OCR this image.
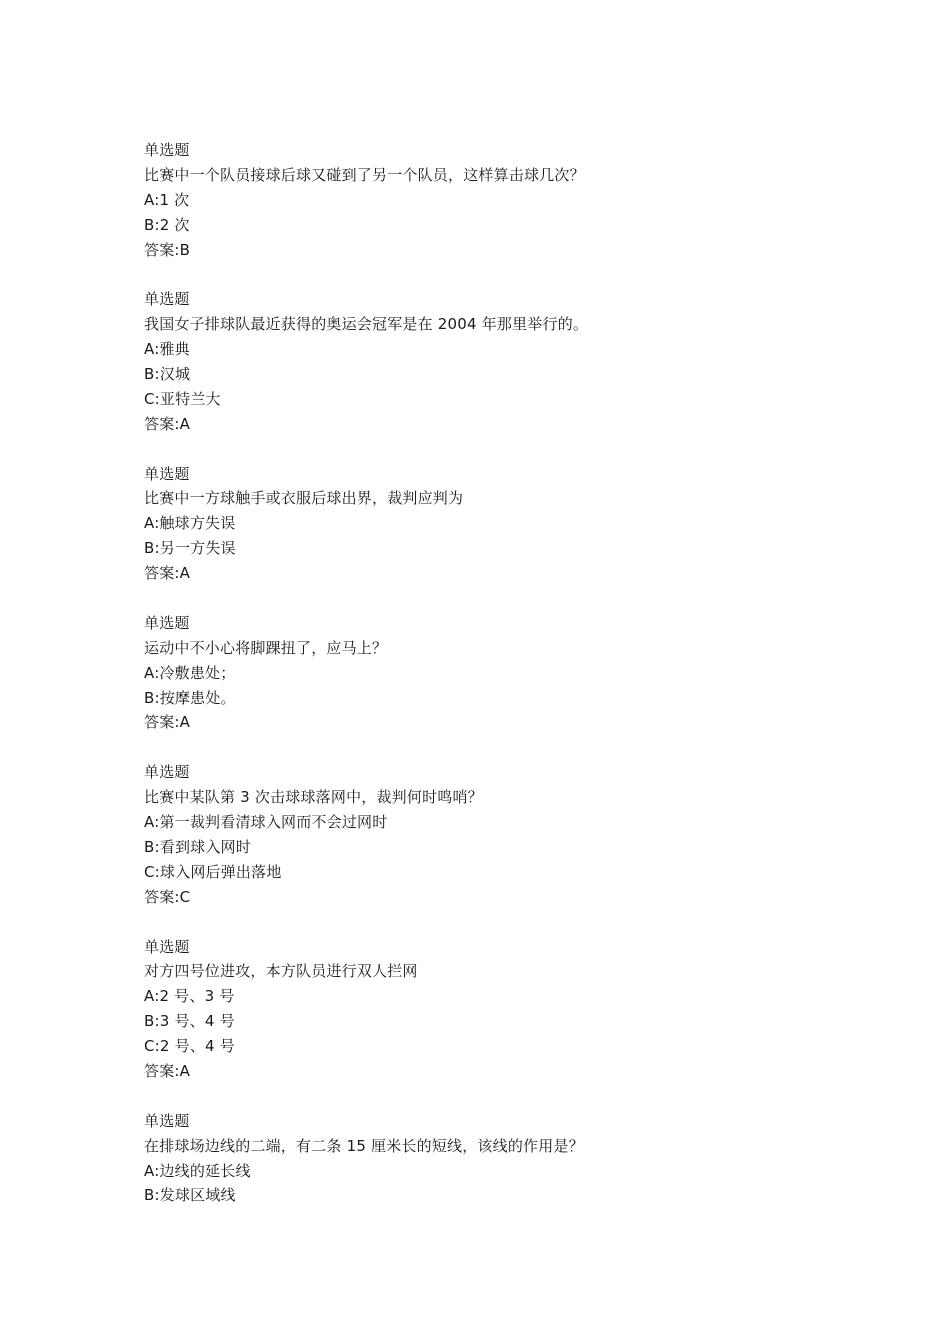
单选题
比赛中一个队员接球后球又碰到了另一个队员，这样算击球几次？
A:1 次
B:2 次
答案:B
单选题
我国女子排球队最近获得的奥运会冠军是在 2004 年那里举行的。
A:雅典
B:汉城
C:亚特兰大
答案:A
单选题
比赛中一方球触手或衣服后球出界，裁判应判为
A:触球方失误
B:另一方失误
答案:A
单选题
运动中不小心将脚踝扭了，应马上？
A:冷敷患处；
B:按摩患处。
答案:A
单选题
比赛中某队第 3 次击球球落网中，裁判何时鸣哨？
A:第一裁判看清球入网而不会过网时
B:看到球入网时
C:球入网后弹出落地
答案:C
单选题
对方四号位进攻，本方队员进行双人拦网
A:2 号、3 号
B:3 号、4 号
C:2 号、4 号
答案:A
单选题
在排球场边线的二端，有二条 15 厘米长的短线，该线的作用是？
A:边线的延长线
B:发球区域线
